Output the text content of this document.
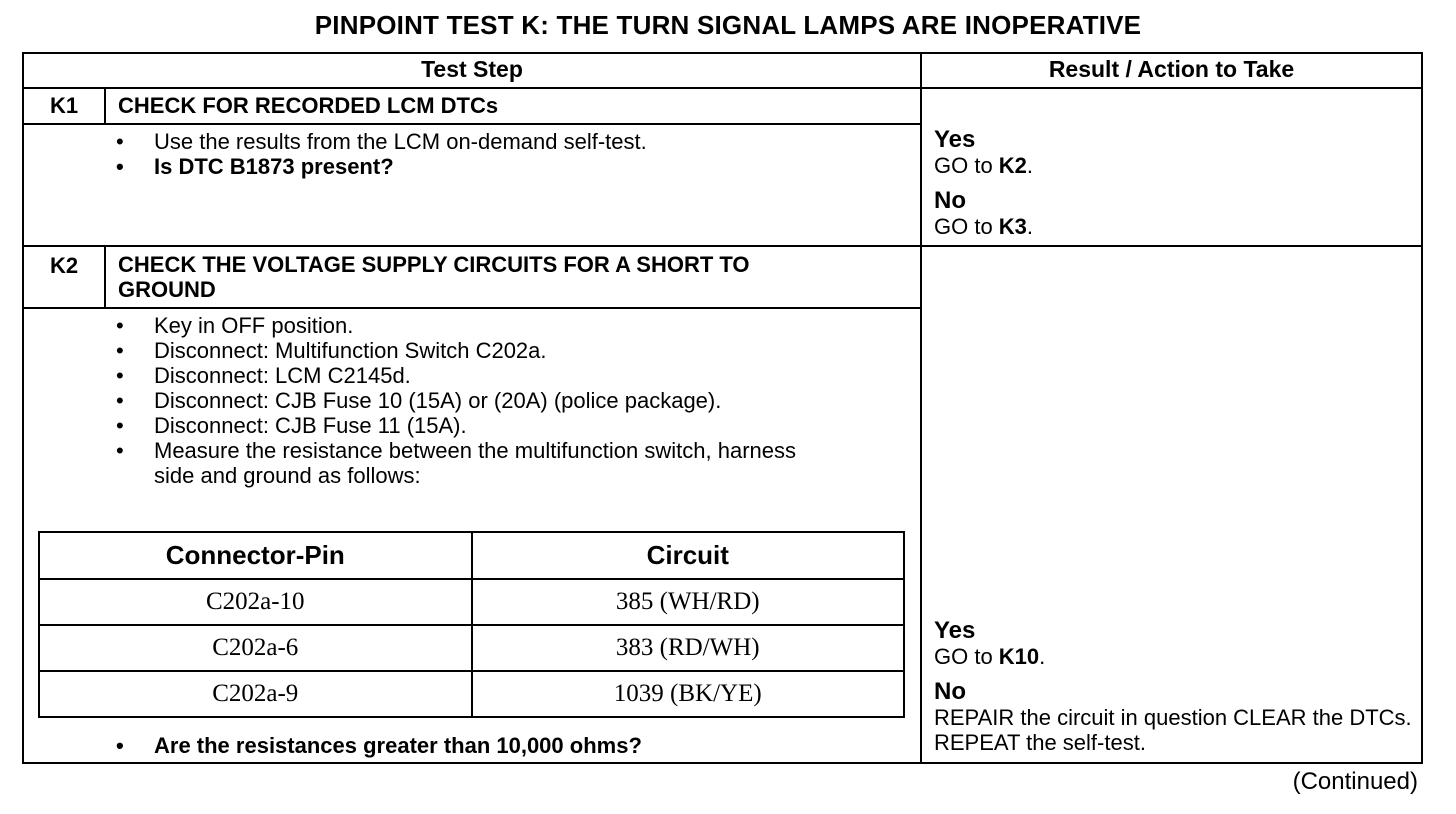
PINPOINT TEST K: THE TURN SIGNAL LAMPS ARE INOPERATIVE
Test Step	Result / Action to Take
K1	CHECK FOR RECORDED LCM DTCs
• Use the results from the LCM on-demand self-test.
• Is DTC B1873 present?
Yes
GO to K2.
No
GO to K3.
K2	CHECK THE VOLTAGE SUPPLY CIRCUITS FOR A SHORT TO
GROUND
• Key in OFF position.
• Disconnect: Multifunction Switch C202a.
• Disconnect: LCM C2145d.
• Disconnect: CJB Fuse 10 (15A) or (20A) (police package).
• Disconnect: CJB Fuse 11 (15A).
• Measure the resistance between the multifunction switch, harness side and ground as follows:
Connector-Pin	Circuit
C202a-10	385 (WH/RD)
C202a-6	383 (RD/WH)
C202a-9	1039 (BK/YE)
• Are the resistances greater than 10,000 ohms?
Yes
GO to K10.
No
REPAIR the circuit in question CLEAR the DTCs. REPEAT the self-test.
(Continued)
